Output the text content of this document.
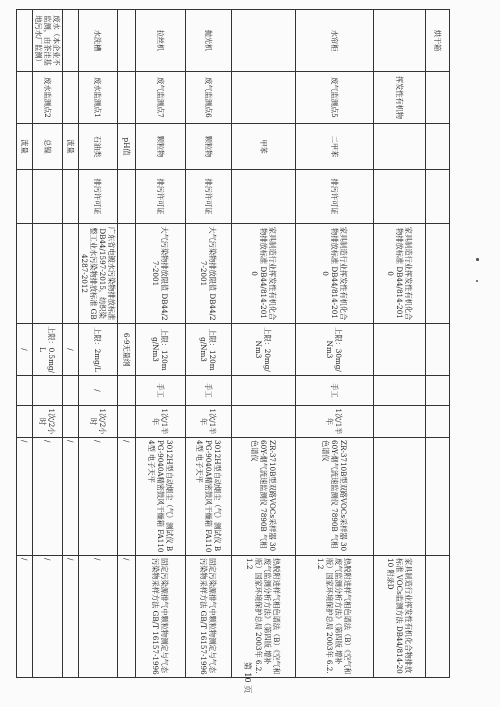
烘干箱									
	挥发性有机物			家具制造行业挥发性有机化合物排放标准 DB44/814-2010					家具制造行业挥发性有机化合物排放标准 VOCs监测方法 DB44/814-2010 附录D
水帘柜	废气监测点5	二甲苯	排污许可证	家具制造行业挥发性有机化合物排放标准 DB44/814-2010	上限：30mg/Nm3	手工	1次/1半年	ZR-3710B型双路VOCs采样器 3060Y-烟气流速监测仪 7890B 气相色谱仪	热脱附进样气相色谱法（B）《空气和废气监测分析方法》（第四版 增补版）国家环境保护总局 2003年 6.2.1.2
		甲苯		家具制造行业挥发性有机化合物排放标准 DB44/814-2010	上限：20mg/Nm3			ZR-3710B型双路VOCs采样器 3060Y-烟气流速监测仪 7890B 气相色谱仪	热脱附进样气相色谱法（B）《空气和废气监测分析方法》（第四版 增补版）国家环境保护总局 2003年 6.2.1.2
抛光机	废气监测点6	颗粒物	排污许可证	大气污染物排放限值 DB44/27-2001	上限：120mg/Nm3	手工	1次/1半年	3012H型自动烟尘（气）测试仪 BPG-9040A精密鼓风干燥箱 FA1104型 电子天平	固定污染源排气中颗粒物测定与气态污染物采样方法 GB/T 16157-1996
拉丝机	废气监测点7	颗粒物	排污许可证	大气污染物排放限值 DB44/27-2001	上限：120mg/Nm3	手工	1次/1半年	3012H型自动烟尘（气）测试仪 BPG-9040A精密鼓风干燥箱 FA1104型 电子天平	固定污染源排气中颗粒物测定与气态污染物采样方法 GB/T 16157-1996
		pH值			6-9无量纲			/	/
水洗槽	废水监测点1	石油类	排污许可证	广东省电镀水污染物排放标准 DB44/1597-2015，纺织染整工业水污染物排放标准 GB 4287-2012	上限：2mg/L	/	1次/2小时	/	/
		流量			/			/	/
废水（本企业不监测，由茶洼基地污水厂监测）	废水监测点2	总镍			上限：0.5mg/L		1次/2小时	/	/
		流量			/			/	/
第 10 页
